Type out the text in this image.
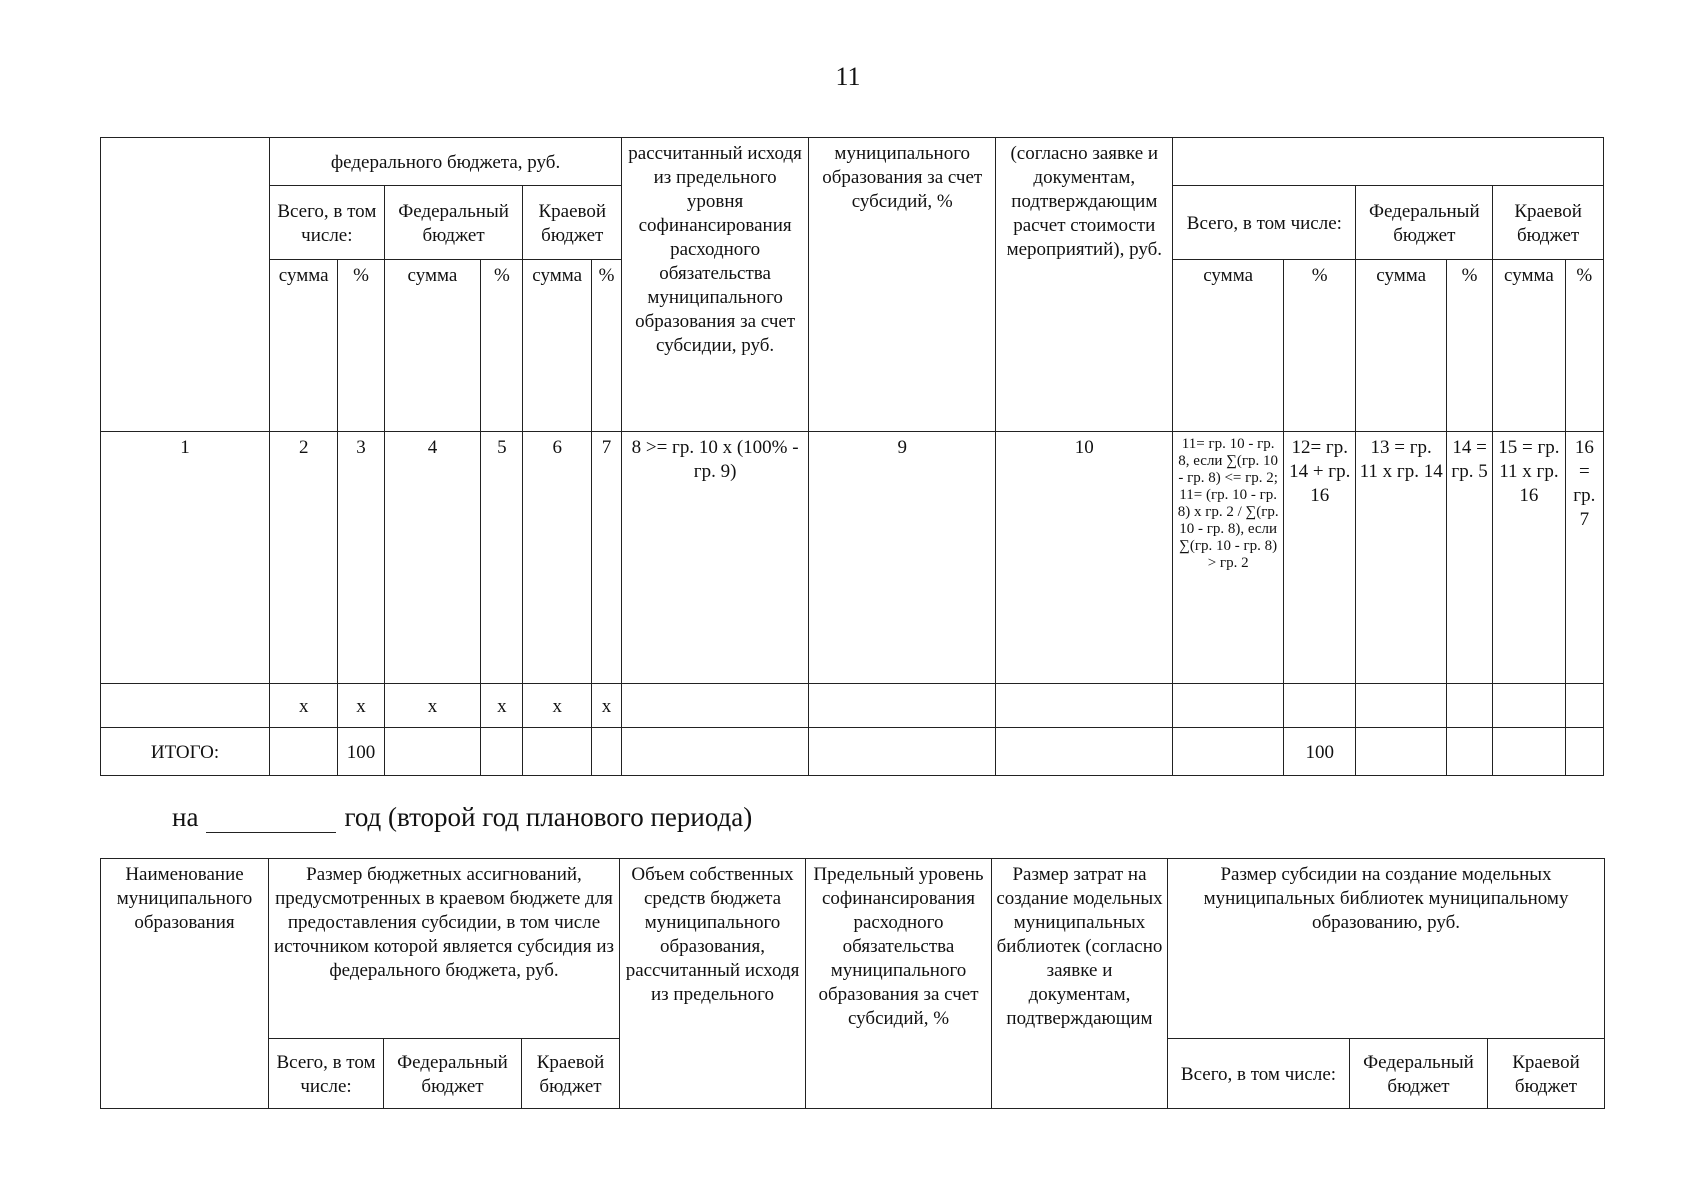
11
	федерального бюджета, руб.						рассчитанный исходя из предельного уровня софинансирования расходного обязательства муниципального образования за счет субсидии, руб.	муниципального образования за счет субсидий, %	(согласно заявке и документам, подтверждающим расчет стоимости мероприятий), руб.						
	Всего, в том числе:		Федеральный бюджет		Краевой бюджет					Всего, в том числе:		Федеральный бюджет		Краевой бюджет	
	сумма	%	сумма	%	сумма	%				сумма	%	сумма	%	сумма	%
1	2	3	4	5	6	7	8 >= гр. 10 x (100% - гр. 9)	9	10	11= гр. 10 - гр. 8, если ∑(гр. 10 - гр. 8) <= гр. 2; 11= (гр. 10 - гр. 8) x гр. 2 / ∑(гр. 10 - гр. 8), если ∑(гр. 10 - гр. 8) > гр. 2	12= гр. 14 + гр. 16	13 = гр. 11 x гр. 14	14 = гр. 5	15 = гр. 11 x гр. 16	16 = гр. 7
	x	x	x	x	x	x									
ИТОГО:		100									100				
на	год (второй год планового периода)
Наименование муниципального образования	Размер бюджетных ассигнований, предусмотренных в краевом бюджете для предоставления субсидии, в том числе источником которой является субсидия из федерального бюджета, руб.			Объем собственных средств бюджета муниципального образования, рассчитанный исходя из предельного	Предельный уровень софинансирования расходного обязательства муниципального образования за счет субсидий, %	Размер затрат на создание модельных муниципальных библиотек (согласно заявке и документам, подтверждающим	Размер субсидии на создание модельных муниципальных библиотек муниципальному образованию, руб.		
	Всего, в том числе:	Федеральный бюджет	Краевой бюджет				Всего, в том числе:	Федеральный бюджет	Краевой бюджет
